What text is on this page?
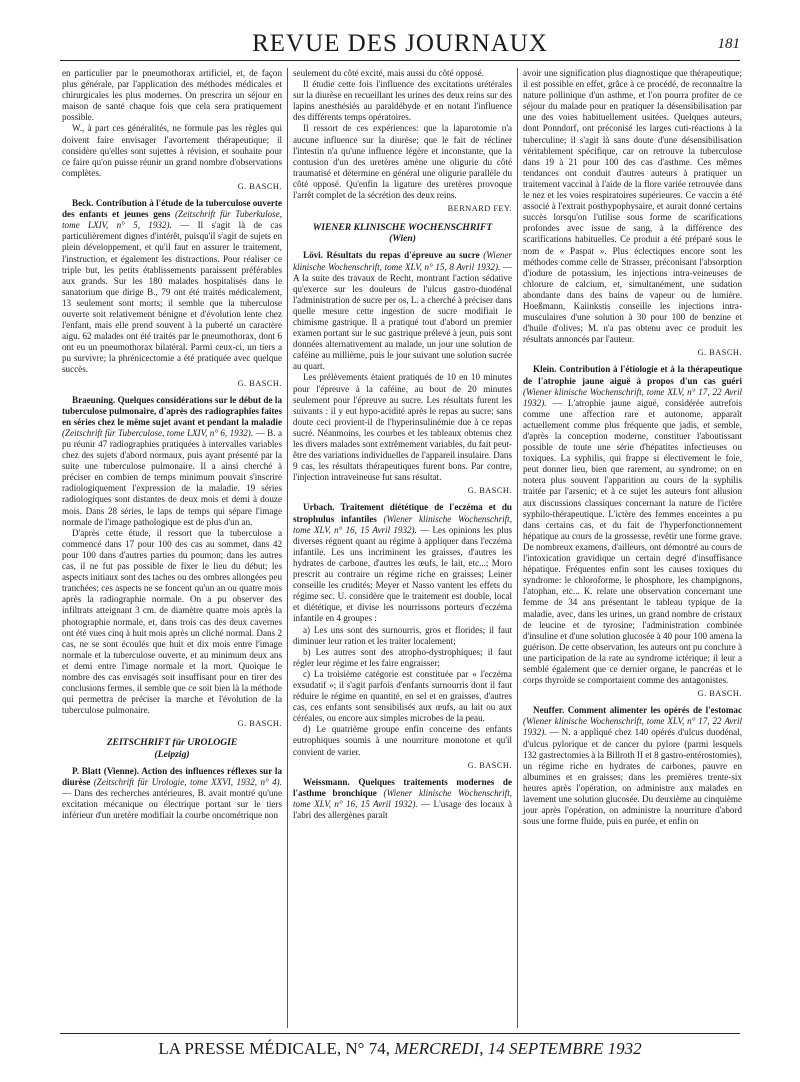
REVUE DES JOURNAUX	181

en particulier par le pneumothorax artificiel, et, de façon plus générale, par l'application des méthodes médicales et chirurgicales les plus modernes. On prescrira un séjour en maison de santé chaque fois que cela sera pratiquement possible.

W., à part ces généralités, ne formule pas les règles qui doivent faire envisager l'avortement thérapeutique; il considère qu'elles sont sujettes à révision, et souhaite pour ce faire qu'on puisse réunir un grand nombre d'observations complètes.

G. BASCH.

Beck. Contribution à l'étude de la tuberculose ouverte des enfants et jeunes gens (Zeitschrift für Tuberkulose, tome LXIV, n° 5, 1932). — Il s'agit là de cas particulièrement dignes d'intérêt, puisqu'il s'agit de sujets en plein développement, et qu'il faut en assurer le traitement, l'instruction, et également les distractions. Pour réaliser ce triple but, les petits établissements paraissent préférables aux grands. Sur les 180 malades hospitalisés dans le sanatorium que dirige B., 79 ont été traités médicalement, 13 seulement sont morts; il semble que la tuberculose ouverte soit relativement bénigne et d'évolution lente chez l'enfant, mais elle prend souvent à la puberté un caractère aigu. 62 malades ont été traités par le pneumothorax, dont 6 ont eu un pneumothorax bilatéral. Parmi ceux-ci, un tiers a pu survivre; la phrénicectomie a été pratiquée avec quelque succès.

G. BASCH.

Braeuning. Quelques considérations sur le début de la tuberculose pulmonaire, d'après des radiographies faites en séries chez le même sujet avant et pendant la maladie (Zeitschrift für Tuberculose, tome LXIV, n° 6, 1932). — B. a pu réunir 47 radiographies pratiquées à intervalles variables chez des sujets d'abord normaux, puis ayant présenté par la suite une tuberculose pulmonaire. Il a ainsi cherché à préciser en combien de temps minimum pouvait s'inscrire radiologiquement l'expression de la maladie. 19 séries radiologiques sont distantes de deux mois et demi à douze mois. Dans 28 séries, le laps de temps qui sépare l'image normale de l'image pathologique est de plus d'un an.

D'après cette étude, il ressort que la tuberculose a commencé dans 17 pour 100 des cas au sommet, dans 42 pour 100 dans d'autres parties du poumon; dans les autres cas, il ne fut pas possible de fixer le lieu du début; les aspects initiaux sont des taches ou des ombres allongées peu tranchées; ces aspects ne se foncent qu'un an ou quatre mois après la radiographie normale. On a pu observer des infiltrats atteignant 3 cm. de diamètre quatre mois après la photographie normale, et, dans trois cas des deux cavernes ont été vues cinq à huit mois après un cliché normal. Dans 2 cas, ne se sont écoulés que huit et dix mois entre l'image normale et la tuberculose ouverte, et au minimum deux ans et demi entre l'image normale et la mort. Quoique le nombre des cas envisagés soit insuffisant pour en tirer des conclusions fermes, il semble que ce soit bien là la méthode qui permettra de préciser la marche et l'évolution de la tuberculose pulmonaire.

G. BASCH.
ZEITSCHRIFT für UROLOGIE
(Leipzig)

P. Blatt (Vienne). Action des influences réflexes sur la diurèse (Zeitschrift für Urologie, tome XXVI, 1932, n° 4). — Dans des recherches antérieures, B. avait montré qu'une excitation mécanique ou électrique portant sur le tiers inférieur d'un uretère modifiait la courbe oncométrique non

seulement du côté excité, mais aussi du côté opposé.

Il étudie cette fois l'influence des excitations urétérales sur la diurèse en recueillant les urines des deux reins sur des lapins anesthésiés au paraldéhyde et en notant l'influence des différents temps opératoires.

Il ressort de ces expériences: que la laparotomie n'a aucune influence sur la diurèse; que le fait de récliner l'intestin n'a qu'une influence légère et inconstante, que la contusion d'un des uretères amène une oligurie du côté traumatisé et détermine en général une oligurie parallèle du côté opposé. Qu'enfin la ligature des uretères provoque l'arrêt complet de la sécrétion des deux reins.

BERNARD FEY.
WIENER KLINISCHE WOCHENSCHRIFT
(Wien)

Lövi. Résultats du repas d'épreuve au sucre (Wiener klinische Wochenschrift, tome XLV, n° 15, 8 Avril 1932). — A la suite des travaux de Recht, montrant l'action sédative qu'exerce sur les douleurs de l'ulcus gastro-duodénal l'administration de sucre per os, L. a cherché à préciser dans quelle mesure cette ingestion de sucre modifiait le chimisme gastrique. Il a pratiqué tout d'abord un premier examen portant sur le suc gastrique prélevé à jeun, puis sont données alternativement au malade, un jour une solution de caféine au millième, puis le jour suivant une solution sucrée au quart.

Les prélèvements étaient pratiqués de 10 en 10 minutes pour l'épreuve à la caféine, au bout de 20 minutes seulement pour l'épreuve au sucre. Les résultats furent les suivants : il y eut hypo-acidité après le repas au sucre; sans doute ceci provient-il de l'hyperinsulinémie due à ce repas sucré. Néanmoins, les courbes et les tableaux obtenus chez les divers malades sont extrêmement variables, du fait peut-être des variations individuelles de l'appareil insulaire. Dans 9 cas, les résultats thérapeutiques furent bons. Par contre, l'injection intraveineuse fut sans résultat.

G. BASCH.

Urbach. Traitement diététique de l'eczéma et du strophulus infantiles (Wiener klinische Wochenschrift, tome XLV, n° 16, 15 Avril 1932). — Les opinions les plus diverses régnent quant au régime à appliquer dans l'eczéma infantile. Les uns incriminent les graisses, d'autres les hydrates de carbone, d'autres les œufs, le lait, etc...; Moro prescrit au contraire un régime riche en graisses; Leiner conseille les crudités; Meyer et Nasso vantent les effets du régime sec. U. considère que le traitement est double, local et diététique, et divise les nourrissons porteurs d'eczéma infantile en 4 groupes :

a) Les uns sont des surnourris, gros et florides; il faut diminuer leur ration et les traiter localement;

b) Les autres sont des atropho-dystrophiques; il faut régler leur régime et les faire engraisser;

c) La troisième catégorie est constituée par « l'eczéma exsudatif »; il s'agit parfois d'enfants surnourris dont il faut réduire le régime en quantité, en sel et en graisses, d'autres cas, ces enfants sont sensibilisés aux œufs, au lait ou aux céréales, ou encore aux simples microbes de la peau.

d) Le quatrième groupe enfin concerne des enfants eutrophiques soumis à une nourriture monotone et qu'il convient de varier.

G. BASCH.

Weissmann. Quelques traitements modernes de l'asthme bronchique (Wiener klinische Wochenschrift, tome XLV, n° 16, 15 Avril 1932). — L'usage des locaux à l'abri des allergènes paraît

avoir une signification plus diagnostique que thérapeutique; il est possible en effet, grâce à ce procédé, de reconnaître la nature pollinique d'un asthme, et l'on pourra profiter de ce séjour du malade pour en pratiquer la désensibilisation par une des voies habituellement usitées. Quelques auteurs, dont Ponndorf, ont préconisé les larges cuti-réactions à la tuberculine; il s'agit là sans doute d'une désensibilisation véritablement spécifique, car on retrouve la tuberculose dans 19 à 21 pour 100 des cas d'asthme. Ces mêmes tendances ont conduit d'autres auteurs à pratiquer un traitement vaccinal à l'aide de la flore variée retrouvée dans le nez et les voies respiratoires supérieures. Ce vaccin a été associé à l'extrait posthypophysaire, et aurait donné certains succès lorsqu'on l'utilise sous forme de scarifications profondes avec issue de sang, à la différence des scarifications habituelles. Ce produit a été préparé sous le nom de « Paspat ». Plus éclectiques encore sont les méthodes comme celle de Strasser, préconisant l'absorption d'iodure de potassium, les injections intra-veineuses de chlorure de calcium, et, simultanément, une sudation abondante dans des bains de vapeur ou de lumière. Hoeßmann, Kaiinkstis conseille les injections intra-musculaires d'une solution à 30 pour 100 de benzine et d'huile d'olives; M. n'a pas obtenu avec ce produit les résultats annoncés par l'auteur.

G. BASCH.

Klein. Contribution à l'étiologie et à la thérapeutique de l'atrophie jaune aiguë à propos d'un cas guéri (Wiener klinische Wochenschrift, tome XLV, n° 17, 22 Avril 1932). — L'atrophie jaune aiguë, considérée autrefois comme une affection rare et autonome, apparaît actuellement comme plus fréquente que jadis, et semble, d'après la conception moderne, constituer l'aboutissant possible de toute une série d'hépatites infectieuses ou toxiques. La syphilis, qui frappe si électivement le foie, peut donner lieu, bien que rarement, au syndrome; on en notera plus souvent l'apparition au cours de la syphilis traitée par l'arsenic; et à ce sujet les auteurs font allusion aux discussions classiques concernant la nature de l'ictère syphilo-thérapeutique. L'ictère des femmes enceintes a pu dans certains cas, et du fait de l'hyperfonctionnement hépatique au cours de la grossesse, revêtir une forme grave. De nombreux examens, d'ailleurs, ont démontré au cours de l'intoxication gravidique un certain degré d'insuffisance hépatique. Fréquentes enfin sont les causes toxiques du syndrome: le chloroforme, le phosphore, les champignons, l'atophan, etc... K. relate une observation concernant une femme de 34 ans présentant le tableau typique de la maladie, avec, dans les urines, un grand nombre de cristaux de leucine et de tyrosine; l'administration combinée d'insuline et d'une solution glucosée à 40 pour 100 amena la guérison. De cette observation, les auteurs ont pu conclure à une participation de la rate au syndrome ictérique; il leur a semblé également que ce dernier organe, le pancréas et le corps thyroïde se comportaient comme des antagonistes.

G. BASCH.

Neuffer. Comment alimenter les opérés de l'estomac (Wiener klinische Wochenschrift, tome XLV, n° 17, 22 Avril 1932). — N. a appliqué chez 140 opérés d'ulcus duodénal, d'ulcus pylorique et de cancer du pylore (parmi lesquels 132 gastrectomies à la Billroth II et 8 gastro-entérostomies), un régime riche en hydrates de carbones, pauvre en albumines et en graisses; dans les premières trente-six heures après l'opération, on administre aux malades en lavement une solution glucosée. Du deuxième au cinquième jour après l'opération, on administre la nourriture d'abord sous une forme fluide, puis en purée, et enfin on

LA PRESSE MÉDICALE, N° 74, MERCREDI, 14 SEPTEMBRE 1932
